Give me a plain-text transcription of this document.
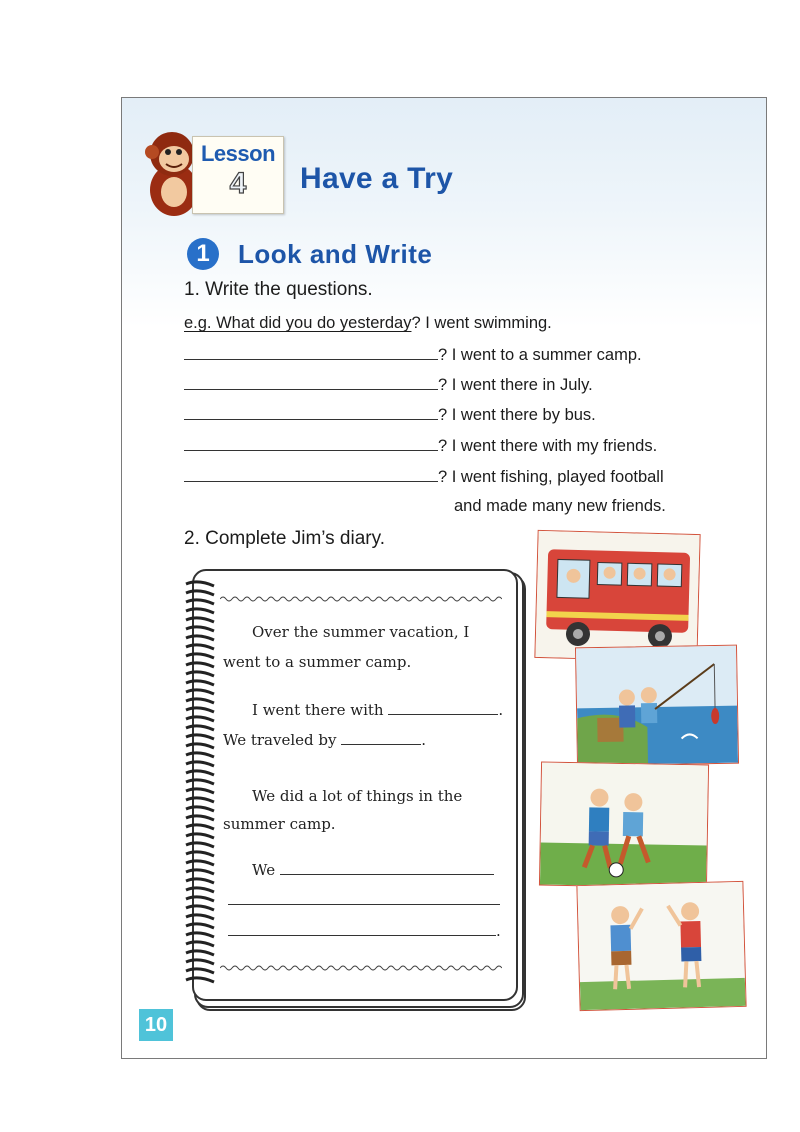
Lesson
4	Have a Try
1	Look and Write
1. Write the questions.
e.g. What did you do yesterday? I went swimming.
? I went to a summer camp.
? I went there in July.
? I went there by bus.
? I went there with my friends.
? I went fishing, played football
and made many new friends.
2. Complete Jim’s diary.
Over the summer vacation, I
went to a summer camp.
I went there with	.
We traveled by	.
We did a lot of things in the
summer camp.
We
.
10
